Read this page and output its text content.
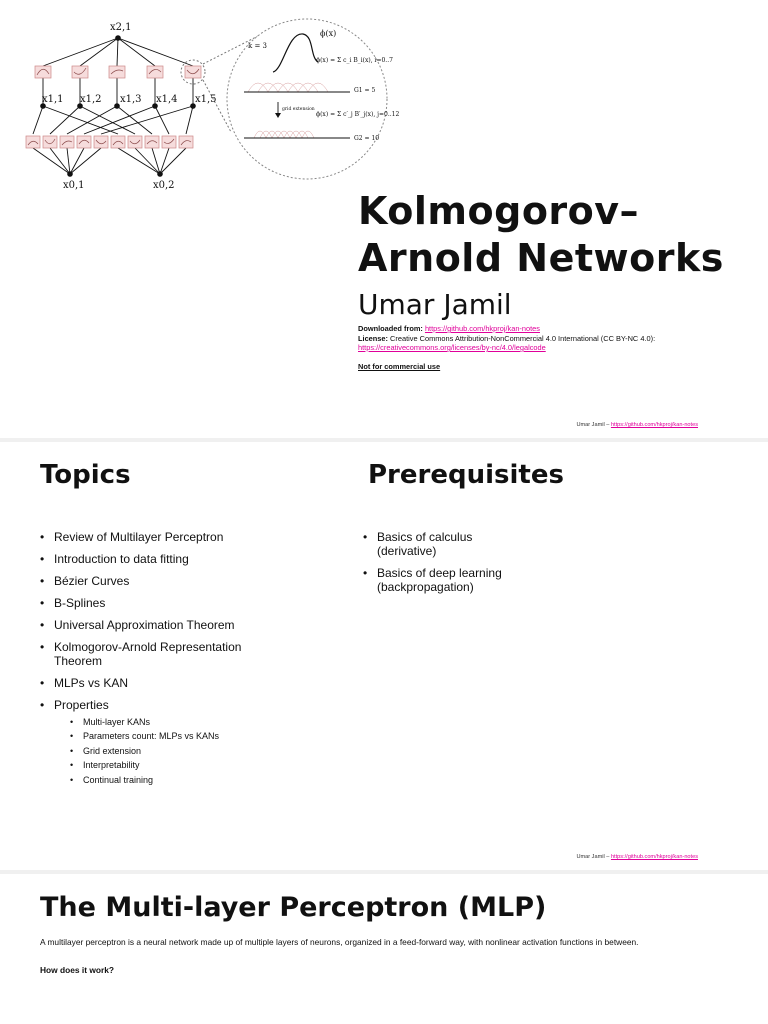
x2,1
x1,1 x1,2 x1,3 x1,4 x1,5
x0,1	x0,2
k = 3
ϕ(x)
ϕ(x) = Σ c_i B_i(x), i=0..7
G1 = 5
grid extension
ϕ(x) = Σ c′_j B′_j(x), j=0..12
G2 = 10
Kolmogorov–
Arnold Networks

Umar Jamil

Downloaded from: https://github.com/hkproj/kan-notes
License: Creative Commons Attribution-NonCommercial 4.0 International (CC BY-NC 4.0):
https://creativecommons.org/licenses/by-nc/4.0/legalcode
Not for commercial use
Umar Jamil – https://github.com/hkproj/kan-notes
Topics
• Review of Multilayer Perceptron
• Introduction to data fitting
• Bézier Curves
• B-Splines
• Universal Approximation Theorem
• Kolmogorov-Arnold Representation Theorem
• MLPs vs KAN
• Properties
• Multi-layer KANs
• Parameters count: MLPs vs KANs
• Grid extension
• Interpretability
• Continual training
Prerequisites
• Basics of calculus (derivative)
• Basics of deep learning (backpropagation)
Umar Jamil – https://github.com/hkproj/kan-notes
The Multi-layer Perceptron (MLP)

A multilayer perceptron is a neural network made up of multiple layers of neurons, organized in a feed-forward way, with nonlinear activation functions in between.

How does it work?
